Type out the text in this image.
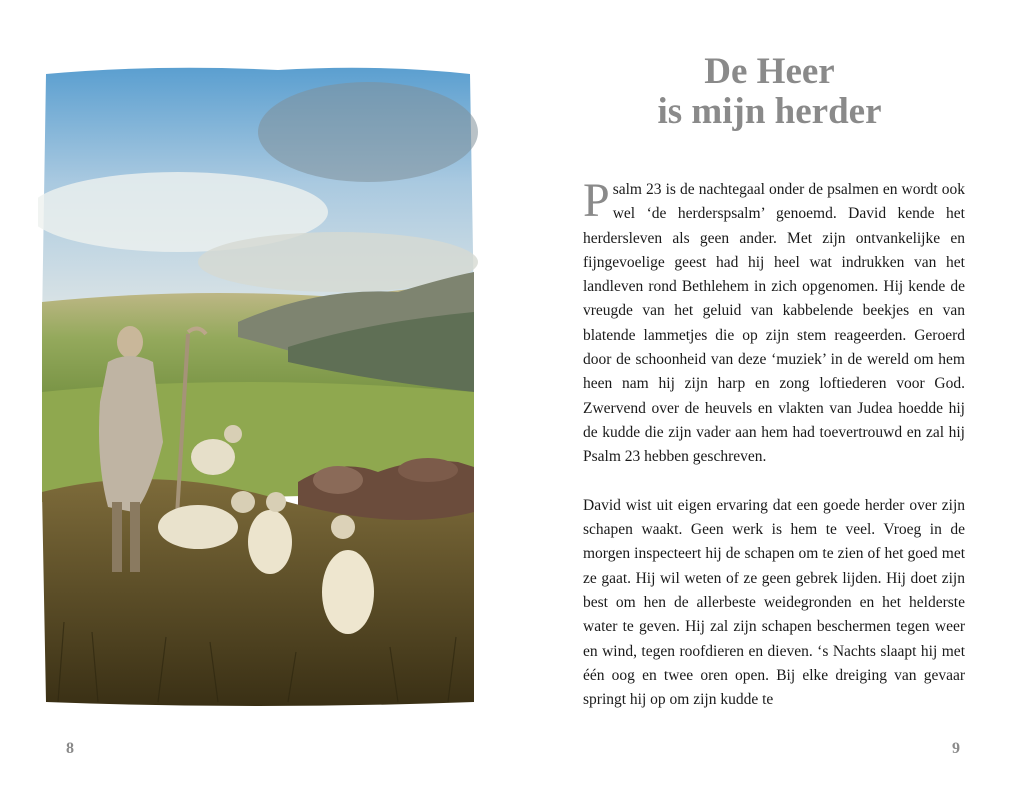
8
De Heer
is mijn herder

Psalm 23 is de nachtegaal onder de psalmen en wordt ook wel ‘de herderspsalm’ genoemd. David kende het herdersleven als geen ander. Met zijn ontvankelijke en fijngevoelige geest had hij heel wat indrukken van het landleven rond Bethlehem in zich opgenomen. Hij kende de vreugde van het geluid van kabbelende beekjes en van blatende lammetjes die op zijn stem reageerden. Geroerd door de schoonheid van deze ‘muziek’ in de wereld om hem heen nam hij zijn harp en zong loftiederen voor God. Zwervend over de heuvels en vlakten van Judea hoedde hij de kudde die zijn vader aan hem had toevertrouwd en zal hij Psalm 23 hebben geschreven.

David wist uit eigen ervaring dat een goede herder over zijn schapen waakt. Geen werk is hem te veel. Vroeg in de morgen inspecteert hij de schapen om te zien of het goed met ze gaat. Hij wil weten of ze geen gebrek lijden. Hij doet zijn best om hen de allerbeste weidegronden en het helderste water te geven. Hij zal zijn schapen beschermen tegen weer en wind, tegen roofdieren en dieven. ‘s Nachts slaapt hij met één oog en twee oren open. Bij elke dreiging van gevaar springt hij op om zijn kudde te

9
